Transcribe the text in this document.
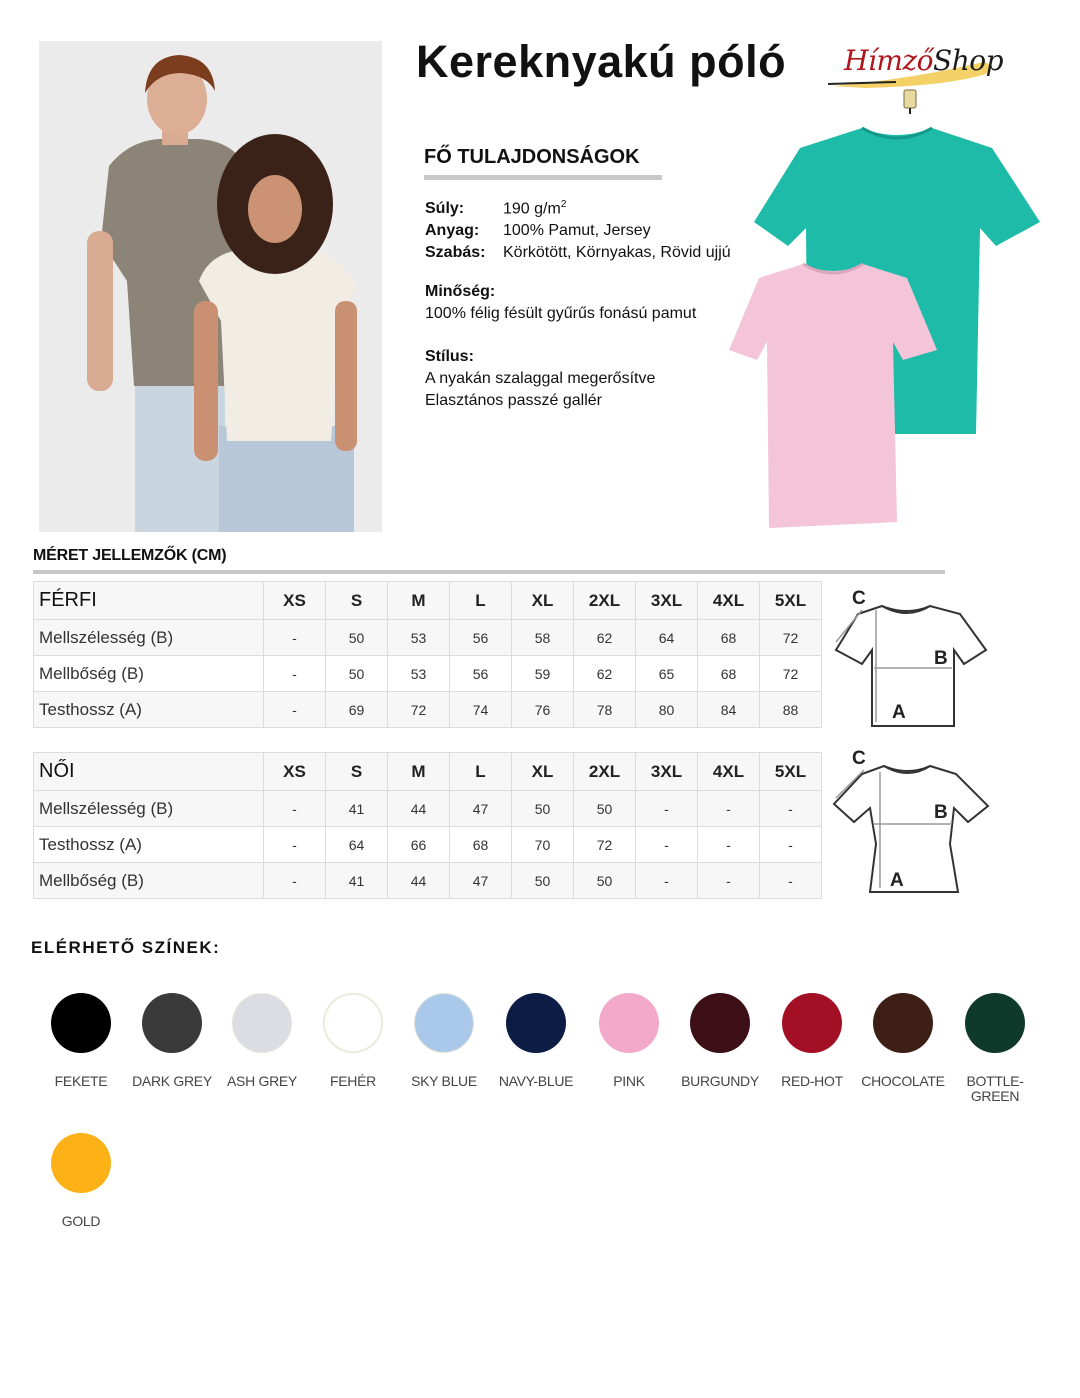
Kereknyakú póló HímzőShop
FŐ TULAJDONSÁGOK
Súly: 190 $g/m^2$
Anyag: 100% Pamut, Jersey
Szabás: Körkötött, Környakas, Rövid ujjú
Minőség:
100% félig fésült gyűrűs fonású pamut
Stílus:
A nyakán szalaggal megerősítve
Elasztános passzé gallér
MÉRET JELLEMZŐK (CM)
FÉRFI	XS	S	M	L	XL	2XL	3XL	4XL	5XL
Mellszélesség (B)	-	50	53	56	58	62	64	68	72
Mellbőség (B)	-	50	53	56	59	62	65	68	72
Testhossz (A)	-	69	72	74	76	78	80	84	88
NŐI	XS	S	M	L	XL	2XL	3XL	4XL	5XL
Mellszélesség (B)	-	41	44	47	50	50	-	-	-
Testhossz (A)	-	64	66	68	70	72	-	-	-
Mellbőség (B)	-	41	44	47	50	50	-	-	-
C
B
A
C
B
A
ELÉRHETŐ SZÍNEK:
FEKETE	DARK GREY	ASH GREY	FEHÉR	SKY BLUE	NAVY-BLUE	PINK	BURGUNDY	RED-HOT	CHOCOLATE	BOTTLE-GREEN
GOLD
